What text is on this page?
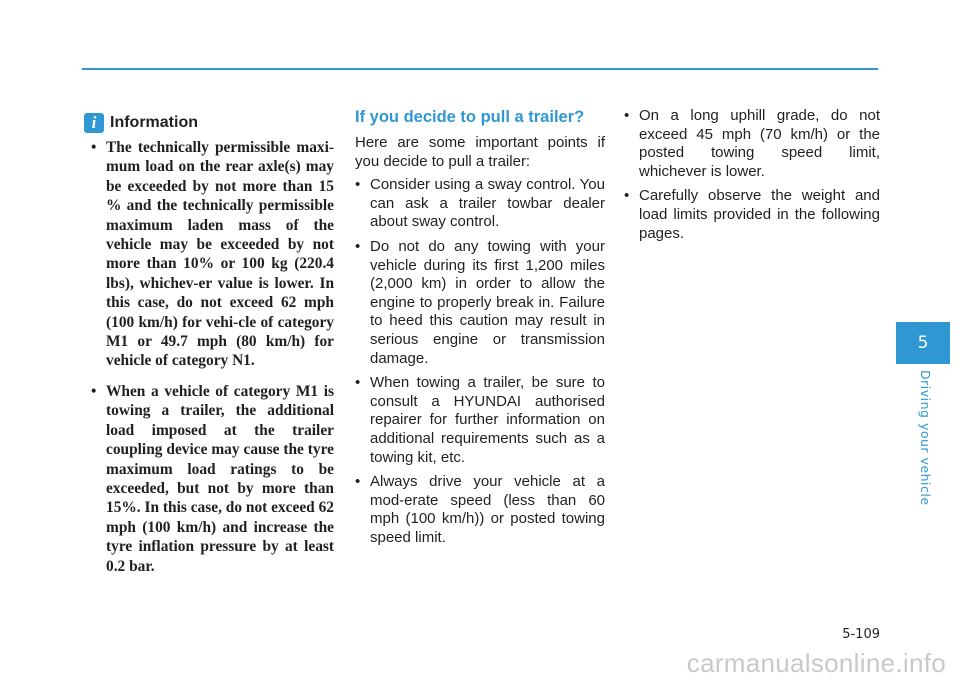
i Information
• The technically permissible maxi-mum load on the rear axle(s) may be exceeded by not more than 15 % and the technically permissible maximum laden mass of the vehicle may be exceeded by not more than 10% or 100 kg (220.4 lbs), whichev-er value is lower. In this case, do not exceed 62 mph (100 km/h) for vehi-cle of category M1 or 49.7 mph (80 km/h) for vehicle of category N1.
• When a vehicle of category M1 is towing a trailer, the additional load imposed at the trailer coupling device may cause the tyre maximum load ratings to be exceeded, but not by more than 15%. In this case, do not exceed 62 mph (100 km/h) and increase the tyre inflation pressure by at least 0.2 bar.
If you decide to pull a trailer?

Here are some important points if you decide to pull a trailer:

• Consider using a sway control. You can ask a trailer towbar dealer about sway control.
• Do not do any towing with your vehicle during its first 1,200 miles (2,000 km) in order to allow the engine to properly break in. Failure to heed this caution may result in serious engine or transmission damage.
• When towing a trailer, be sure to consult a HYUNDAI authorised repairer for further information on additional requirements such as a towing kit, etc.
• Always drive your vehicle at a mod-erate speed (less than 60 mph (100 km/h)) or posted towing speed limit.
• On a long uphill grade, do not exceed 45 mph (70 km/h) or the posted towing speed limit, whichever is lower.
• Carefully observe the weight and load limits provided in the following pages.
5
Driving your vehicle
5-109
carmanualsonline.info
